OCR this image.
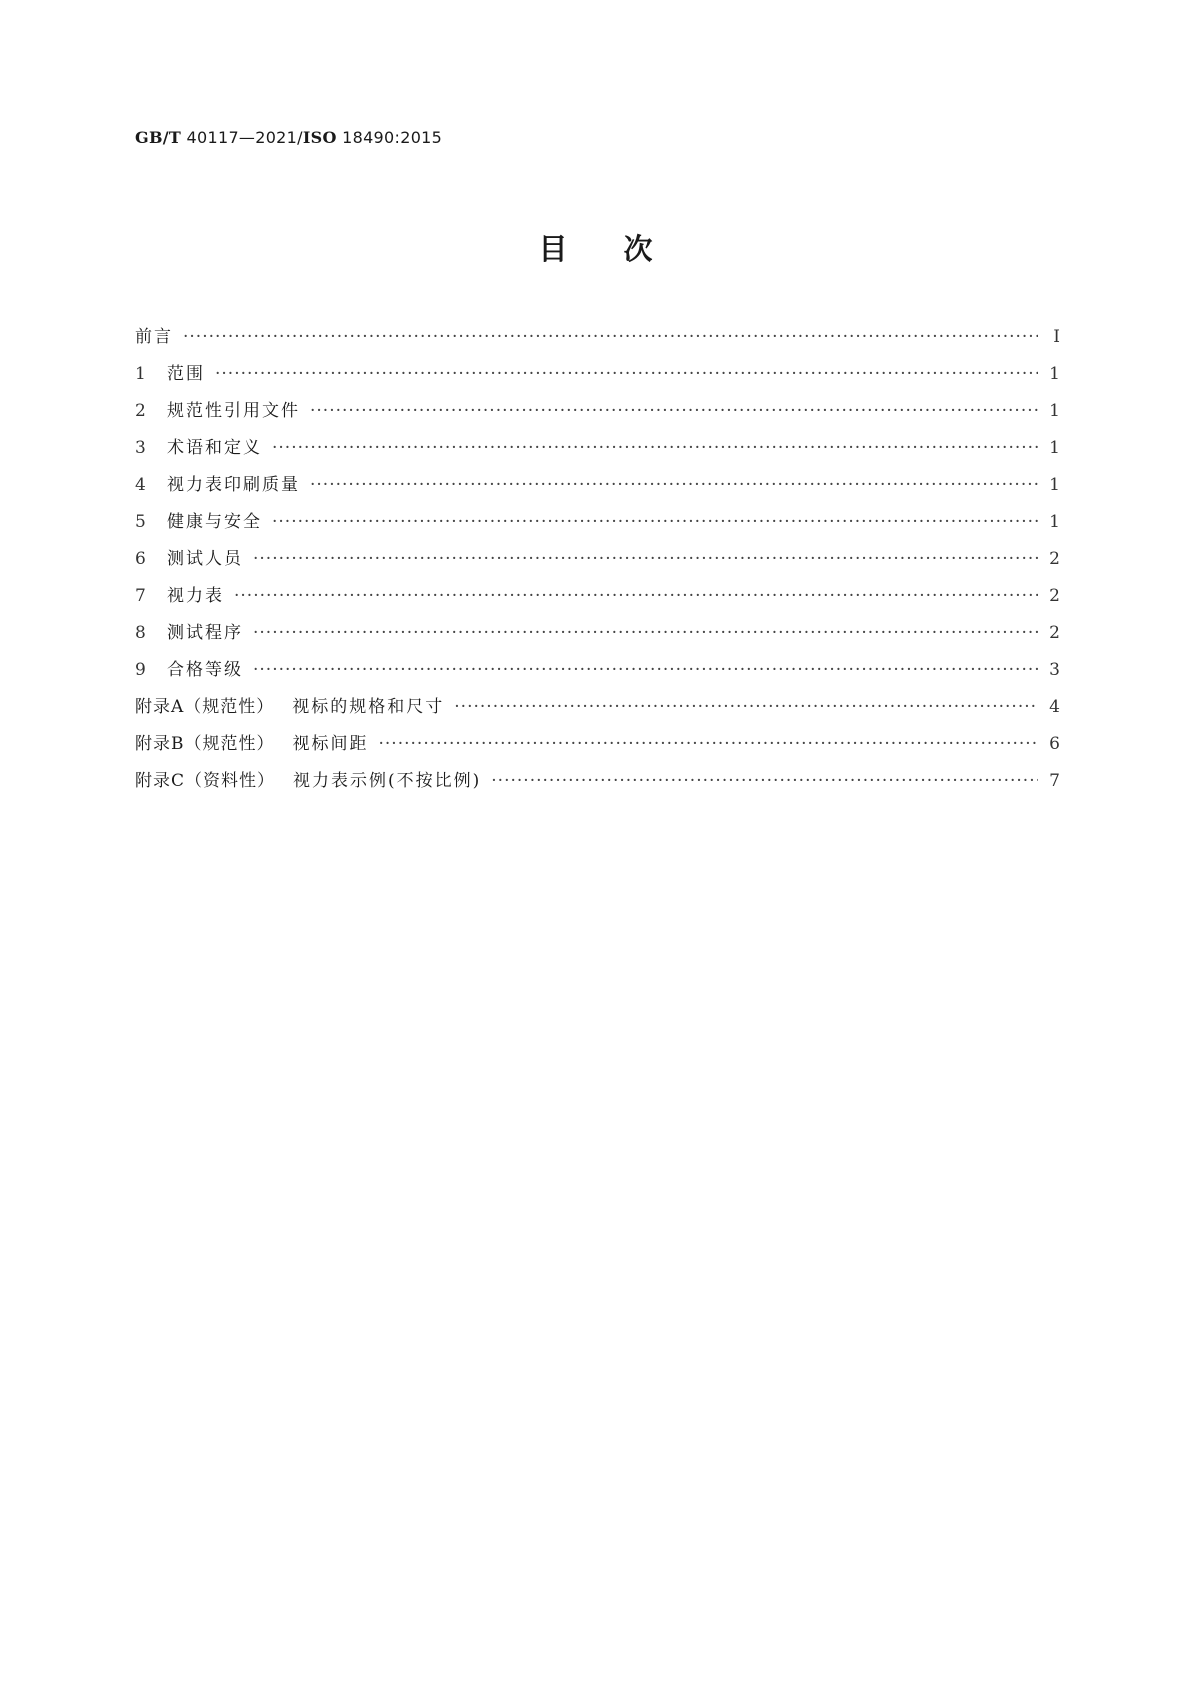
GB/T 40117—2021/ISO 18490:2015
目次
前言 ·····	Ⅰ
1	范围 ·····	1
2	规范性引用文件 ·····	1
3	术语和定义 ·····	1
4	视力表印刷质量 ·····	1
5	健康与安全 ·····	1
6	测试人员 ·····	2
7	视力表 ·····	2
8	测试程序 ·····	2
9	合格等级 ·····	3
附录A（规范性） 视标的规格和尺寸 ·····	4
附录B（规范性） 视标间距 ·····	6
附录C（资料性） 视力表示例(不按比例) ·····	7
